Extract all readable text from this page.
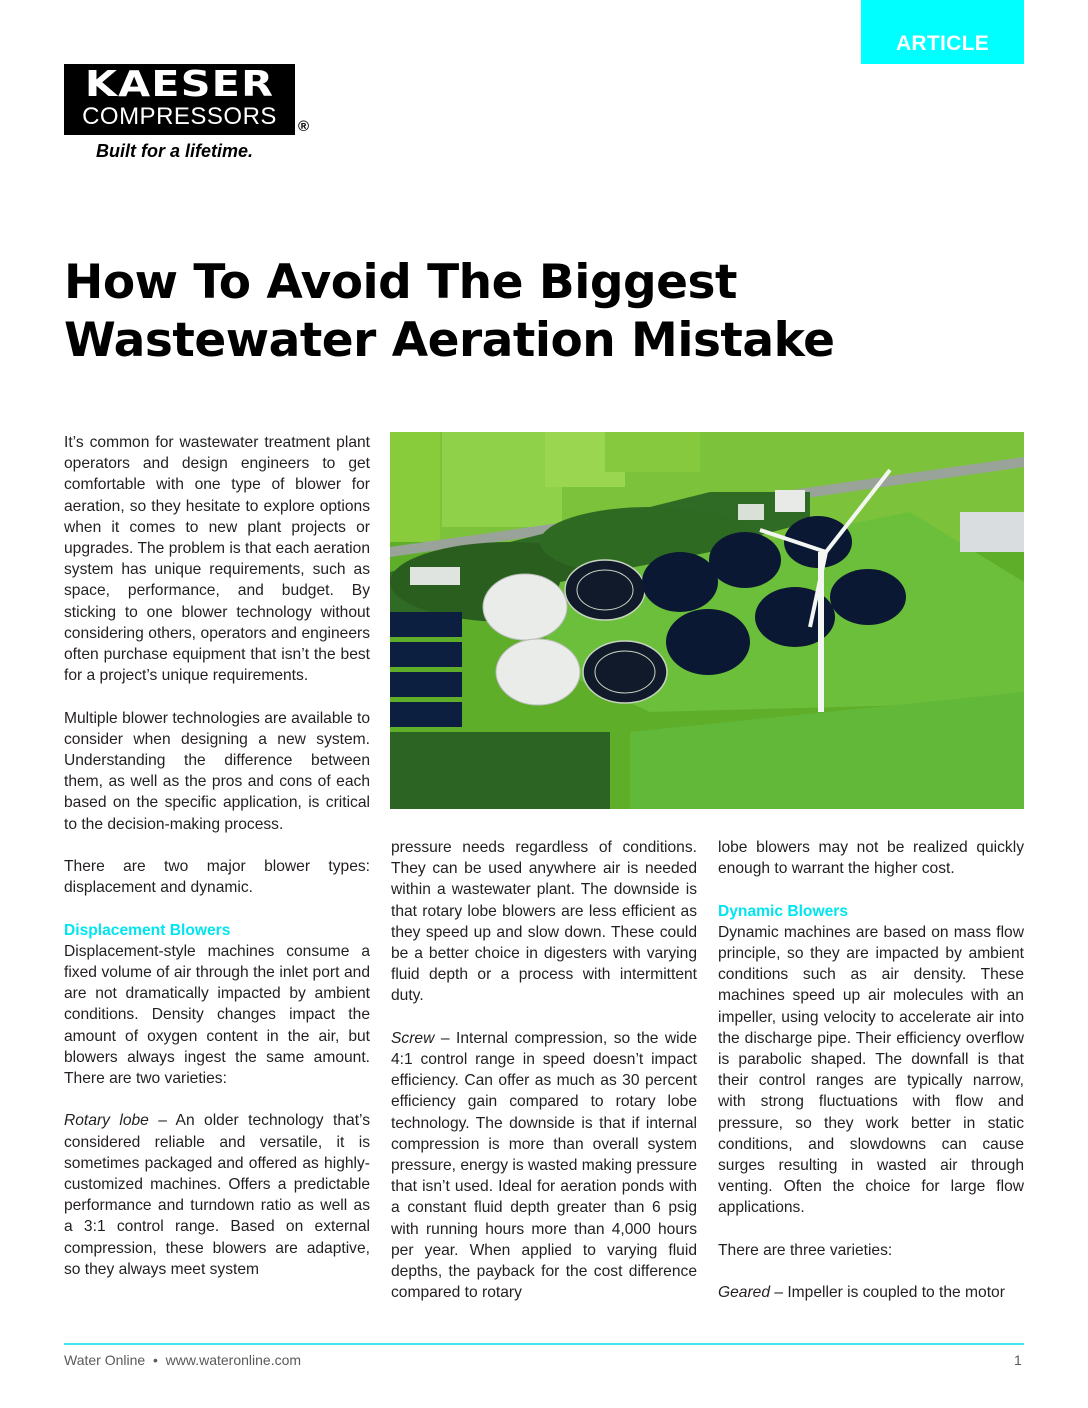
ARTICLE
KAESER
COMPRESSORS	®
Built for a lifetime.
How To Avoid The Biggest
Wastewater Aeration Mistake

It’s common for wastewater treatment plant operators and design engineers to get comfortable with one type of blower for aeration, so they hesitate to explore options when it comes to new plant projects or upgrades. The problem is that each aeration system has unique requirements, such as space, performance, and budget. By sticking to one blower technology without considering others, operators and engineers often purchase equipment that isn’t the best for a project’s unique requirements.

Multiple blower technologies are available to consider when designing a new system. Understanding the difference between them, as well as the pros and cons of each based on the specific application, is critical to the decision-making process.

There are two major blower types: displacement and dynamic.

Displacement Blowers

Displacement-style machines consume a fixed volume of air through the inlet port and are not dramatically impacted by ambient conditions. Density changes impact the amount of oxygen content in the air, but blowers always ingest the same amount. There are two varieties:

Rotary lobe – An older technology that’s considered reliable and versatile, it is sometimes packaged and offered as highly-customized machines. Offers a predictable performance and turndown ratio as well as a 3:1 control range. Based on external compression, these blowers are adaptive, so they always meet system

pressure needs regardless of conditions. They can be used anywhere air is needed within a wastewater plant. The downside is that rotary lobe blowers are less efficient as they speed up and slow down. These could be a better choice in digesters with varying fluid depth or a process with intermittent duty.

Screw – Internal compression, so the wide 4:1 control range in speed doesn’t impact efficiency. Can offer as much as 30 percent efficiency gain compared to rotary lobe technology. The downside is that if internal compression is more than overall system pressure, energy is wasted making pressure that isn’t used. Ideal for aeration ponds with a constant fluid depth greater than 6 psig with running hours more than 4,000 hours per year. When applied to varying fluid depths, the payback for the cost difference compared to rotary

lobe blowers may not be realized quickly enough to warrant the higher cost.

Dynamic Blowers

Dynamic machines are based on mass flow principle, so they are impacted by ambient conditions such as air density. These machines speed up air molecules with an impeller, using velocity to accelerate air into the discharge pipe. Their efficiency overflow is parabolic shaped. The downfall is that their control ranges are typically narrow, with strong fluctuations with flow and pressure, so they work better in static conditions, and slowdowns can cause surges resulting in wasted air through venting. Often the choice for large flow applications.

There are three varieties:

Geared – Impeller is coupled to the motor

Water Online • www.wateronline.com	1
